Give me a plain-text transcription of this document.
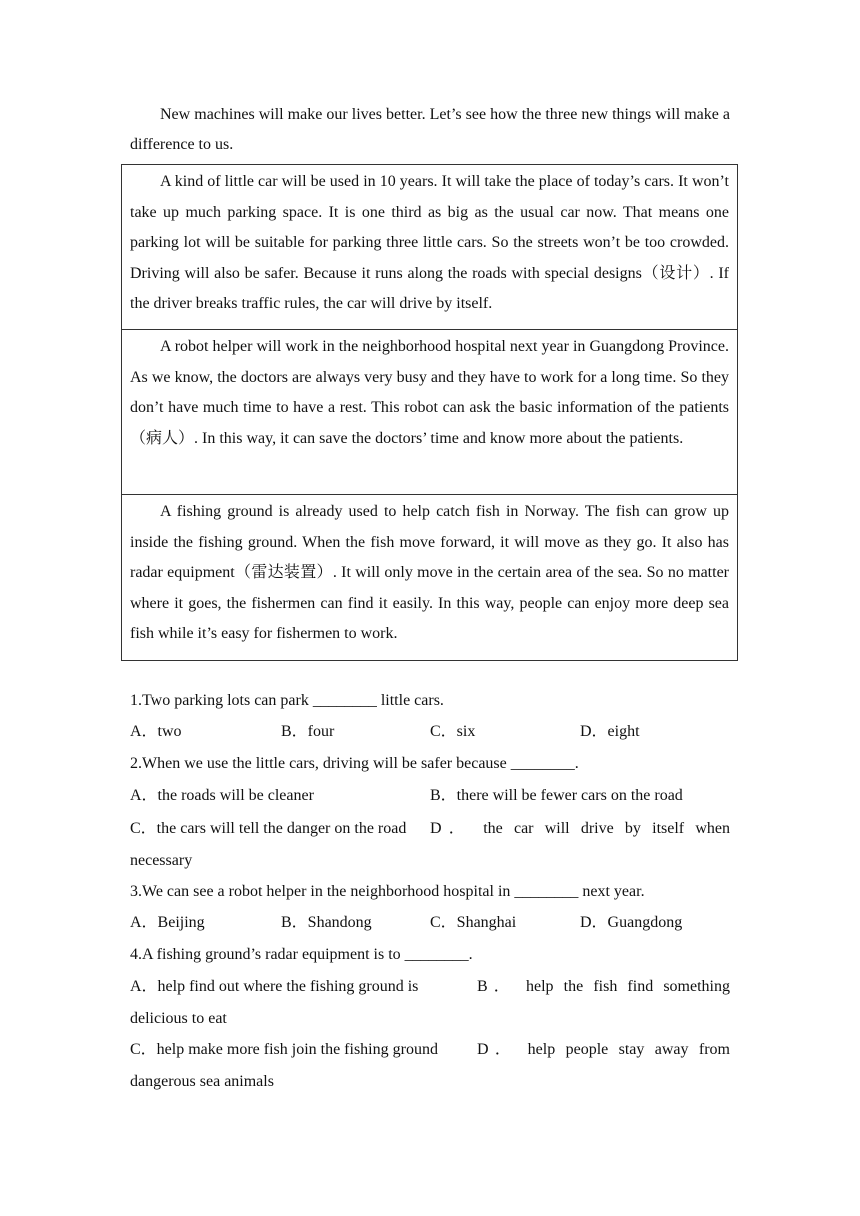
New machines will make our lives better. Let’s see how the three new things will make a difference to us.

A kind of little car will be used in 10 years. It will take the place of today’s cars. It won’t take up much parking space. It is one third as big as the usual car now. That means one parking lot will be suitable for parking three little cars. So the streets won’t be too crowded. Driving will also be safer. Because it runs along the roads with special designs（设计）. If the driver breaks traffic rules, the car will drive by itself.
A robot helper will work in the neighborhood hospital next year in Guangdong Province. As we know, the doctors are always very busy and they have to work for a long time. So they don’t have much time to have a rest. This robot can ask the basic information of the patients（病人）. In this way, it can save the doctors’ time and know more about the patients.
A fishing ground is already used to help catch fish in Norway. The fish can grow up inside the fishing ground. When the fish move forward, it will move as they go. It also has radar equipment（雷达装置）. It will only move in the certain area of the sea. So no matter where it goes, the fishermen can find it easily. In this way, people can enjoy more deep sea fish while it’s easy for fishermen to work.

1.Two parking lots can park ________ little cars.

A．two	B．four	C．six	D．eight

2.When we use the little cars, driving will be safer because ________.

A．the roads will be cleaner	B．there will be fewer cars on the road

C．the cars will tell the danger on the road D． the car will drive by itself when

necessary

3.We can see a robot helper in the neighborhood hospital in ________ next year.

A．Beijing	B．Shandong	C．Shanghai	D．Guangdong

4.A fishing ground’s radar equipment is to ________.

A．help find out where the fishing ground is	B． help the fish find something

delicious to eat

C．help make more fish join the fishing ground D． help people stay away from

dangerous sea animals
